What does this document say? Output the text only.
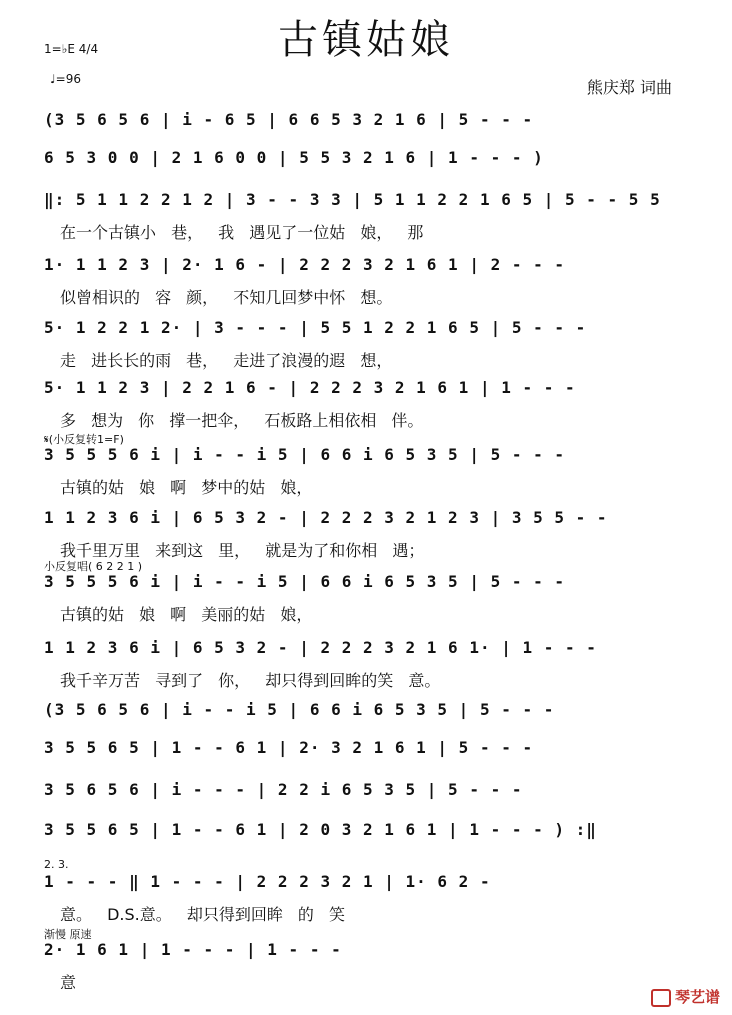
古镇姑娘
1=♭E 4/4
♩=96	熊庆郑 词曲
(3 5 6 5 6 | i - 6 5 | 6 6 5 3 2 1 6 | 5 - - -
6 5 3 0 0 | 2 1 6 0 0 | 5 5 3 2 1 6 | 1 - - - )
‖: 5 1 1 2 2 1 2 | 3 - - 3 3 | 5 1 1 2 2 1 6 5 | 5 - - 5 5
在一个古镇小 巷， 我 遇见了一位姑 娘， 那
1· 1 1 2 3 | 2· 1 6 - | 2 2 2 3 2 1 6 1 | 2 - - -
似曾相识的 容 颜， 不知几回梦中怀 想。
5· 1 2 2 1 2· | 3 - - - | 5 5 1 2 2 1 6 5 | 5 - - -
走 进长长的雨 巷， 走进了浪漫的遐 想，
5· 1 1 2 3 | 2 2 1 6 - | 2 2 2 3 2 1 6 1 | 1 - - -
多 想为 你 撑一把伞， 石板路上相依相 伴。
3 5 5 5 6 i | i - - i 5 | 6 6 i 6 5 3 5 | 5 - - -
古镇的姑 娘 啊 梦中的姑 娘，
𝄋(小反复转1=F)
1 1 2 3 6 i | 6 5 3 2 - | 2 2 2 3 2 1 2 3 | 3 5 5 - -
我千里万里 来到这 里， 就是为了和你相 遇；
3 5 5 5 6 i | i - - i 5 | 6 6 i 6 5 3 5 | 5 - - -
古镇的姑 娘 啊 美丽的姑 娘，
小反复唱( 6 2 2 1 )
1 1 2 3 6 i | 6 5 3 2 - | 2 2 2 3 2 1 6 1· | 1 - - -
我千辛万苦 寻到了 你， 却只得到回眸的笑 意。
(3 5 6 5 6 | i - - i 5 | 6 6 i 6 5 3 5 | 5 - - -
3 5 5 6 5 | 1 - - 6 1 | 2· 3 2 1 6 1 | 5 - - -
3 5 6 5 6 | i - - - | 2 2 i 6 5 3 5 | 5 - - -
3 5 5 6 5 | 1 - - 6 1 | 2 0 3 2 1 6 1 | 1 - - - ) :‖
1 - - - ‖ 1 - - - | 2 2 2 3 2 1 | 1· 6 2 -
意。 D.S.意。 却只得到回眸 的 笑
2. 3.
2· 1 6 1 | 1 - - - | 1 - - -
意
渐慢 原速
琴艺谱
